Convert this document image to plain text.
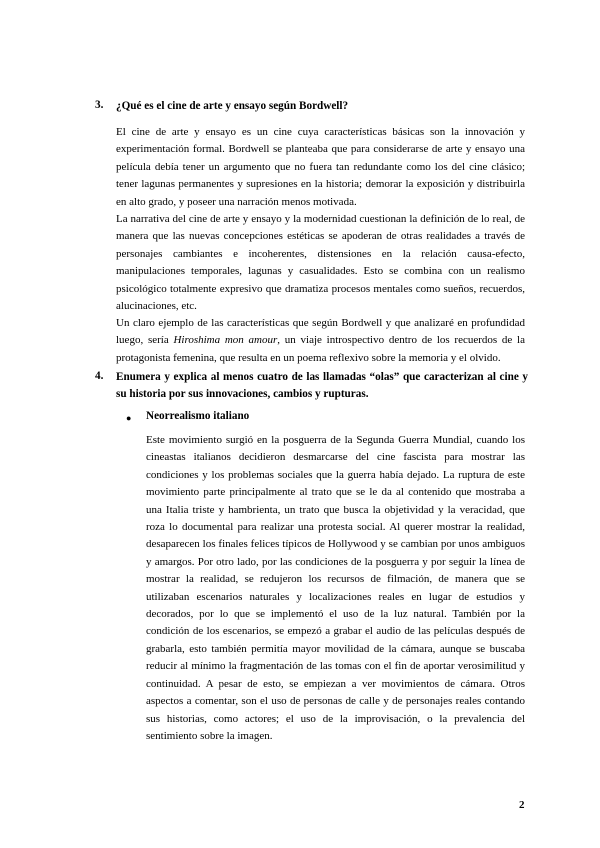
3. ¿Qué es el cine de arte y ensayo según Bordwell?

El cine de arte y ensayo es un cine cuya características básicas son la innovación y experimentación formal. Bordwell se planteaba que para considerarse de arte y ensayo una película debía tener un argumento que no fuera tan redundante como los del cine clásico; tener lagunas permanentes y supresiones en la historia; demorar la exposición y distribuirla en alto grado, y poseer una narración menos motivada.

La narrativa del cine de arte y ensayo y la modernidad cuestionan la definición de lo real, de manera que las nuevas concepciones estéticas se apoderan de otras realidades a través de personajes cambiantes e incoherentes, distensiones en la relación causa-efecto, manipulaciones temporales, lagunas y casualidades. Esto se combina con un realismo psicológico totalmente expresivo que dramatiza procesos mentales como sueños, recuerdos, alucinaciones, etc.

Un claro ejemplo de las características que según Bordwell y que analizaré en profundidad luego, sería Hiroshima mon amour, un viaje introspectivo dentro de los recuerdos de la protagonista femenina, que resulta en un poema reflexivo sobre la memoria y el olvido.

4. Enumera y explica al menos cuatro de las llamadas “olas” que caracterizan al cine y su historia por sus innovaciones, cambios y rupturas.
● Neorrealismo italiano

Este movimiento surgió en la posguerra de la Segunda Guerra Mundial, cuando los cineastas italianos decidieron desmarcarse del cine fascista para mostrar las condiciones y los problemas sociales que la guerra había dejado. La ruptura de este movimiento parte principalmente al trato que se le da al contenido que mostraba a una Italia triste y hambrienta, un trato que busca la objetividad y la veracidad, que roza lo documental para realizar una protesta social. Al querer mostrar la realidad, desaparecen los finales felices típicos de Hollywood y se cambian por unos ambiguos y amargos. Por otro lado, por las condiciones de la posguerra y por seguir la línea de mostrar la realidad, se redujeron los recursos de filmación, de manera que se utilizaban escenarios naturales y localizaciones reales en lugar de estudios y decorados, por lo que se implementó el uso de la luz natural. También por la condición de los escenarios, se empezó a grabar el audio de las películas después de grabarla, esto también permitía mayor movilidad de la cámara, aunque se buscaba reducir al mínimo la fragmentación de las tomas con el fin de aportar verosimilitud y continuidad. A pesar de esto, se empiezan a ver movimientos de cámara. Otros aspectos a comentar, son el uso de personas de calle y de personajes reales contando sus historias, como actores; el uso de la improvisación, o la prevalencia del sentimiento sobre la imagen.

2
